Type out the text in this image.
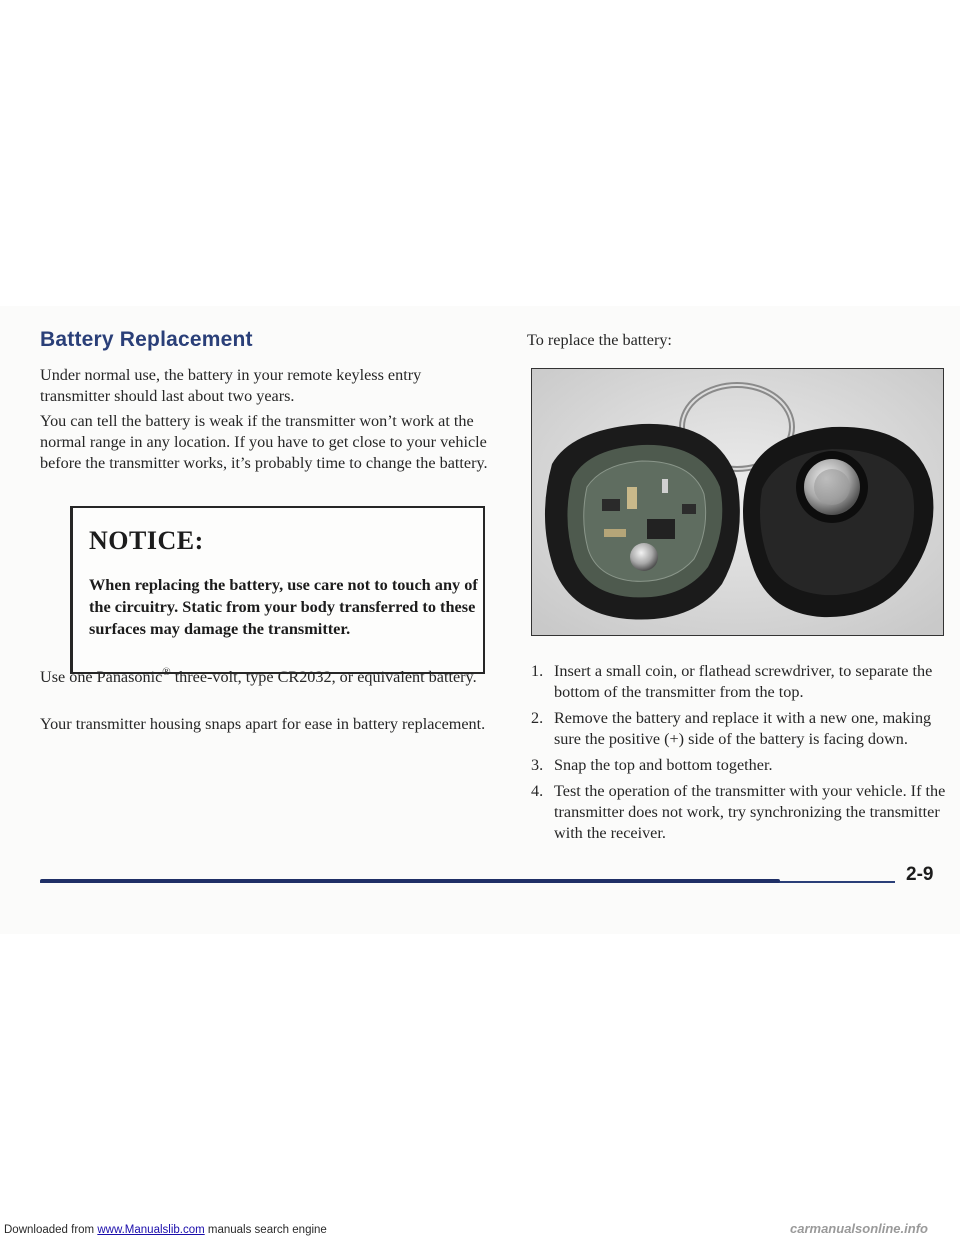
Battery Replacement

Under normal use, the battery in your remote keyless entry transmitter should last about two years.

You can tell the battery is weak if the transmitter won’t work at the normal range in any location. If you have to get close to your vehicle before the transmitter works, it’s probably time to change the battery.

NOTICE:
When replacing the battery, use care not to touch any of the circuitry. Static from your body transferred to these surfaces may damage the transmitter.

Use one Panasonic® three-volt, type CR2032, or equivalent battery.

Your transmitter housing snaps apart for ease in battery replacement.

To replace the battery:
1. Insert a small coin, or flathead screwdriver, to separate the bottom of the transmitter from the top.
2. Remove the battery and replace it with a new one, making sure the positive (+) side of the battery is facing down.
3. Snap the top and bottom together.
4. Test the operation of the transmitter with your vehicle. If the transmitter does not work, try synchronizing the transmitter with the receiver.
2-9
Downloaded from www.Manualslib.com manuals search engine	carmanualsonline.info
